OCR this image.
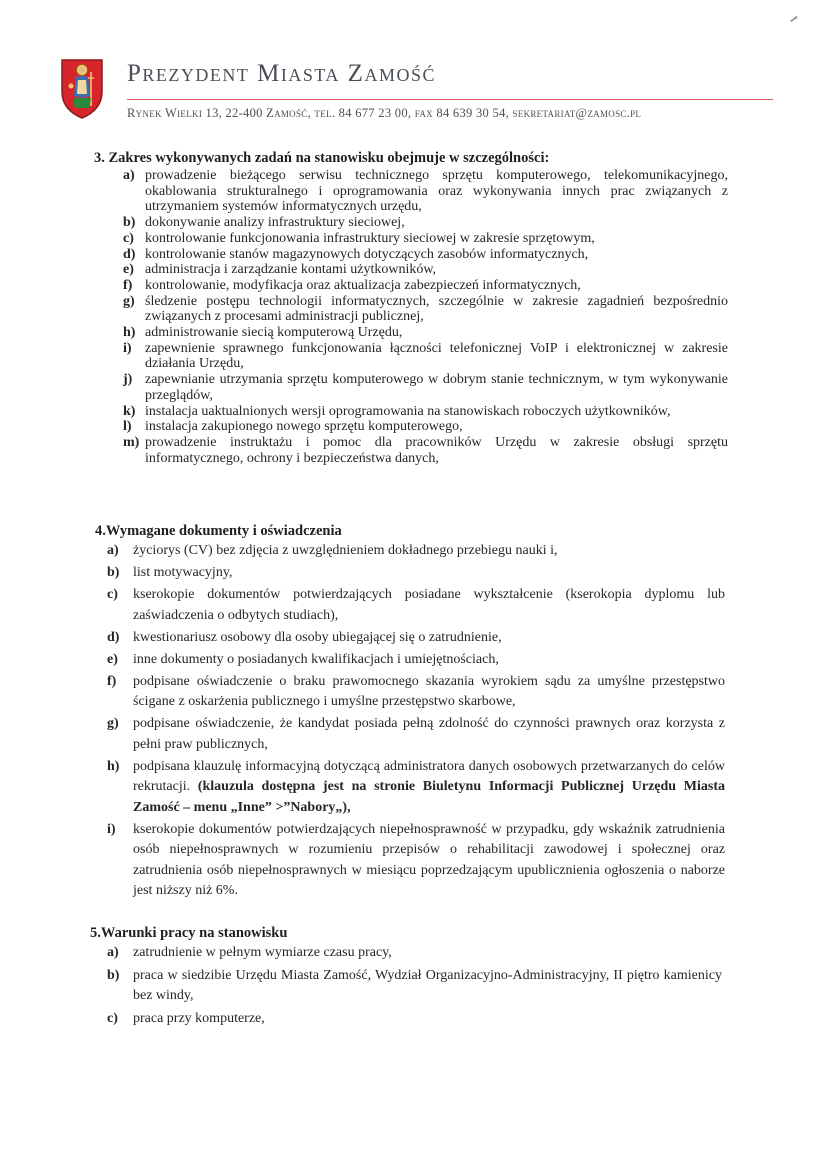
Prezydent Miasta Zamość
Rynek Wielki 13, 22-400 Zamość, tel. 84 677 23 00, fax 84 639 30 54, sekretariat@zamosc.pl
3. Zakres wykonywanych zadań na stanowisku obejmuje w szczególności:
a) prowadzenie bieżącego serwisu technicznego sprzętu komputerowego, telekomunikacyjnego, okablowania strukturalnego i oprogramowania oraz wykonywania innych prac związanych z utrzymaniem systemów informatycznych urzędu,
b) dokonywanie analizy infrastruktury sieciowej,
c) kontrolowanie funkcjonowania infrastruktury sieciowej w zakresie sprzętowym,
d) kontrolowanie stanów magazynowych dotyczących zasobów informatycznych,
e) administracja i zarządzanie kontami użytkowników,
f) kontrolowanie, modyfikacja oraz aktualizacja zabezpieczeń informatycznych,
g) śledzenie postępu technologii informatycznych, szczególnie w zakresie zagadnień bezpośrednio związanych z procesami administracji publicznej,
h) administrowanie siecią komputerową Urzędu,
i) zapewnienie sprawnego funkcjonowania łączności telefonicznej VoIP i elektronicznej w zakresie działania Urzędu,
j) zapewnianie utrzymania sprzętu komputerowego w dobrym stanie technicznym, w tym wykonywanie przeglądów,
k) instalacja uaktualnionych wersji oprogramowania na stanowiskach roboczych użytkowników,
l) instalacja zakupionego nowego sprzętu komputerowego,
m) prowadzenie instruktażu i pomoc dla pracowników Urzędu w zakresie obsługi sprzętu informatycznego, ochrony i bezpieczeństwa danych,
4.Wymagane dokumenty i oświadczenia
a)	życiorys (CV) bez zdjęcia z uwzględnieniem dokładnego przebiegu nauki i,
b) list motywacyjny,
c)	kserokopie dokumentów potwierdzających posiadane wykształcenie (kserokopia dyplomu lub zaświadczenia o odbytych studiach),
d) kwestionariusz osobowy dla osoby ubiegającej się o zatrudnienie,
e)	inne dokumenty o posiadanych kwalifikacjach i umiejętnościach,
f)	podpisane oświadczenie o braku prawomocnego skazania wyrokiem sądu za umyślne przestępstwo ścigane z oskarżenia publicznego i umyślne przestępstwo skarbowe,
g)	podpisane oświadczenie, że kandydat posiada pełną zdolność do czynności prawnych oraz korzysta z pełni praw publicznych,
h) podpisana klauzulę informacyjną dotyczącą administratora danych osobowych przetwarzanych do celów rekrutacji. (klauzula dostępna jest na stronie Biuletynu Informacji Publicznej Urzędu Miasta Zamość – menu „Inne” >”Nabory„),
i)	kserokopie dokumentów potwierdzających niepełnosprawność w przypadku, gdy wskaźnik zatrudnienia osób niepełnosprawnych w rozumieniu przepisów o rehabilitacji zawodowej i społecznej oraz zatrudnienia osób niepełnosprawnych w miesiącu poprzedzającym upublicznienia ogłoszenia o naborze jest niższy niż 6%.
5.Warunki pracy na stanowisku
a)	zatrudnienie w pełnym wymiarze czasu pracy,
b) praca w siedzibie Urzędu Miasta Zamość, Wydział Organizacyjno-Administracyjny, II piętro kamienicy bez windy,
c)	praca przy komputerze,
